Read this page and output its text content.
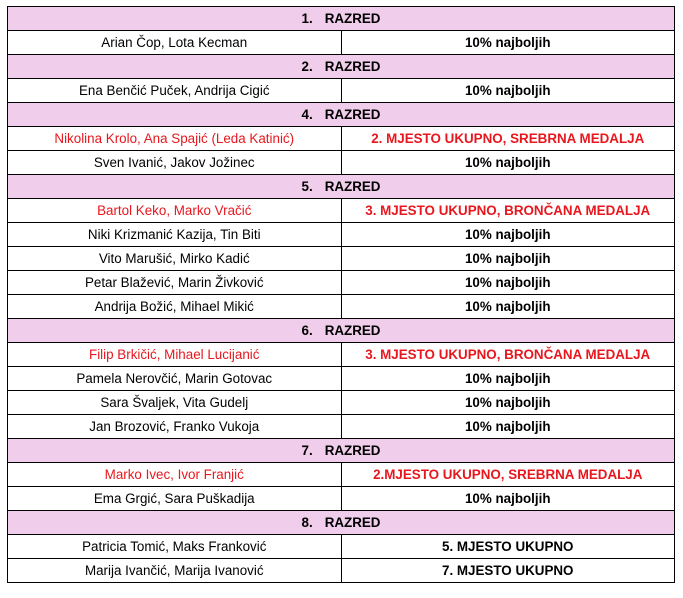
1. RAZRED	
Arian Čop, Lota Kecman	10% najboljih
2. RAZRED	
Ena Benčić Puček, Andrija Cigić	10% najboljih
4. RAZRED	
Nikolina Krolo, Ana Spajić (Leda Katinić)	2. MJESTO UKUPNO, SREBRNA MEDALJA
Sven Ivanić, Jakov Jožinec	10% najboljih
5. RAZRED	
Bartol Keko, Marko Vračić	3. MJESTO UKUPNO, BRONČANA MEDALJA
Niki Krizmanić Kazija, Tin Biti	10% najboljih
Vito Marušić, Mirko Kadić	10% najboljih
Petar Blažević, Marin Živković	10% najboljih
Andrija Božić, Mihael Mikić	10% najboljih
6. RAZRED	
Filip Brkičić, Mihael Lucijanić	3. MJESTO UKUPNO, BRONČANA MEDALJA
Pamela Nerovčić, Marin Gotovac	10% najboljih
Sara Švaljek, Vita Gudelj	10% najboljih
Jan Brozović, Franko Vukoja	10% najboljih
7. RAZRED	
Marko Ivec, Ivor Franjić	2.MJESTO UKUPNO, SREBRNA MEDALJA
Ema Grgić, Sara Puškadija	10% najboljih
8. RAZRED	
Patricia Tomić, Maks Franković	5. MJESTO UKUPNO
Marija Ivančić, Marija Ivanović	7. MJESTO UKUPNO
